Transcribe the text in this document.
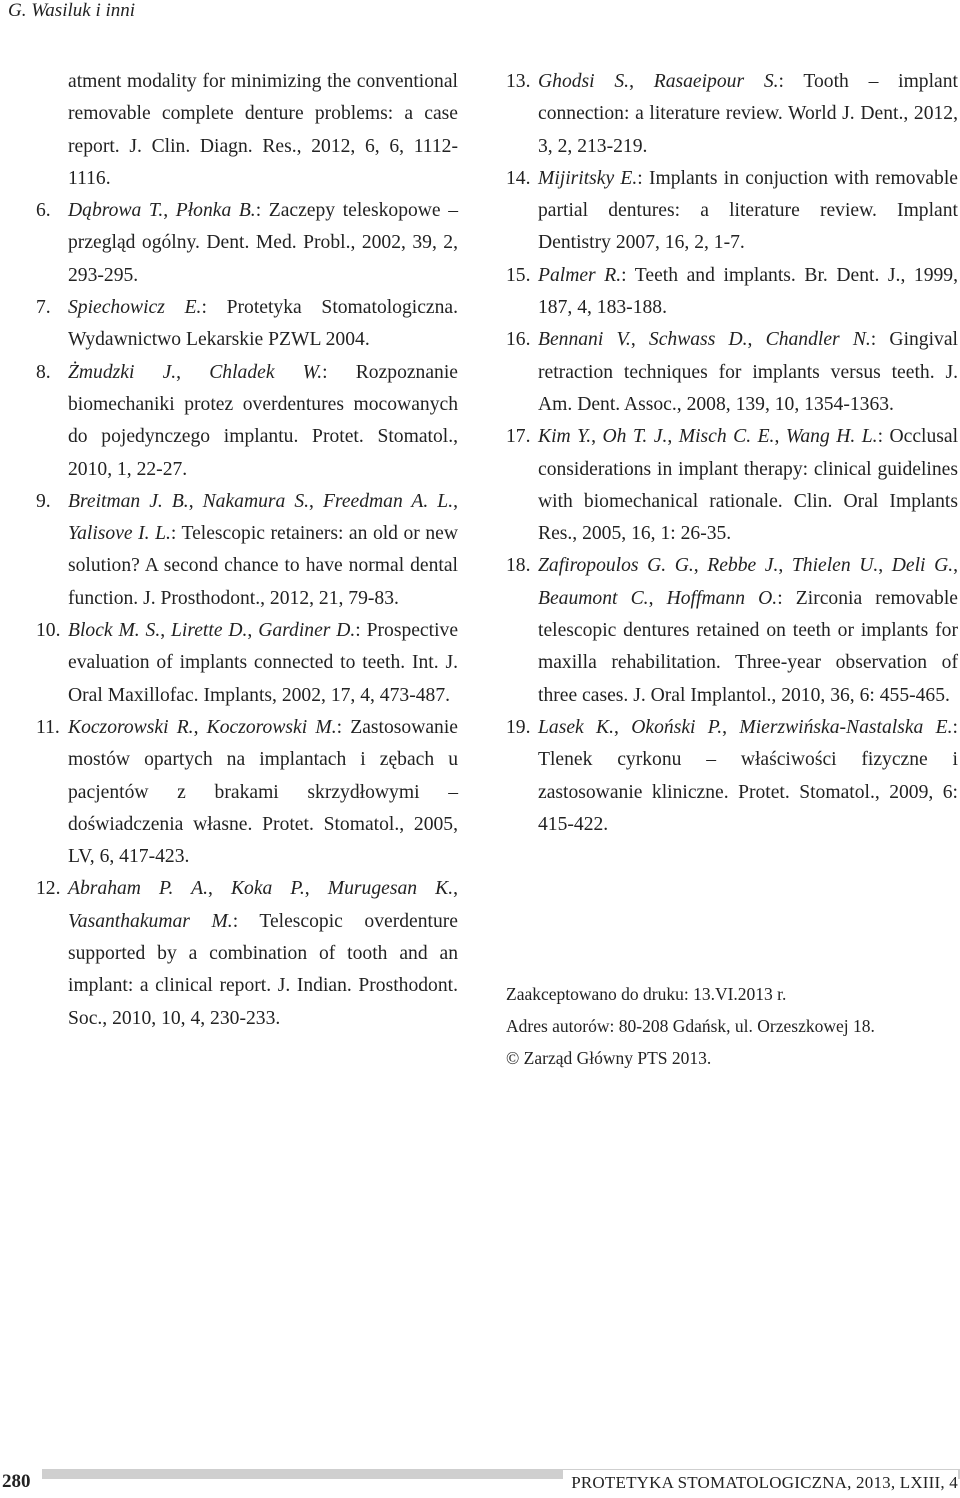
G. Wasiluk i inni
atment modality for minimizing the conventional removable complete denture problems: a case report. J. Clin. Diagn. Res., 2012, 6, 6, 1112-1116.
6. Dąbrowa T., Płonka B.: Zaczepy teleskopowe – przegląd ogólny. Dent. Med. Probl., 2002, 39, 2, 293-295.
7. Spiechowicz E.: Protetyka Stomatologiczna. Wydawnictwo Lekarskie PZWL 2004.
8. Żmudzki J., Chladek W.: Rozpoznanie biomechaniki protez overdentures mocowanych do pojedynczego implantu. Protet. Stomatol., 2010, 1, 22-27.
9. Breitman J. B., Nakamura S., Freedman A. L., Yalisove I. L.: Telescopic retainers: an old or new solution? A second chance to have normal dental function. J. Prosthodont., 2012, 21, 79-83.
10. Block M. S., Lirette D., Gardiner D.: Prospective evaluation of implants connected to teeth. Int. J. Oral Maxillofac. Implants, 2002, 17, 4, 473-487.
11. Koczorowski R., Koczorowski M.: Zastosowanie mostów opartych na implantach i zębach u pacjentów z brakami skrzydłowymi – doświadczenia własne. Protet. Stomatol., 2005, LV, 6, 417-423.
12. Abraham P. A., Koka P., Murugesan K., Vasanthakumar M.: Telescopic overdenture supported by a combination of tooth and an implant: a clinical report. J. Indian. Prosthodont. Soc., 2010, 10, 4, 230-233.
13. Ghodsi S., Rasaeipour S.: Tooth – implant connection: a literature review. World J. Dent., 2012, 3, 2, 213-219.
14. Mijiritsky E.: Implants in conjuction with removable partial dentures: a literature review. Implant Dentistry 2007, 16, 2, 1-7.
15. Palmer R.: Teeth and implants. Br. Dent. J., 1999, 187, 4, 183-188.
16. Bennani V., Schwass D., Chandler N.: Gingival retraction techniques for implants versus teeth. J. Am. Dent. Assoc., 2008, 139, 10, 1354-1363.
17. Kim Y., Oh T. J., Misch C. E., Wang H. L.: Occlusal considerations in implant therapy: clinical guidelines with biomechanical rationale. Clin. Oral Implants Res., 2005, 16, 1: 26-35.
18. Zafiropoulos G. G., Rebbe J., Thielen U., Deli G., Beaumont C., Hoffmann O.: Zirconia removable telescopic dentures retained on teeth or implants for maxilla rehabilitation. Three-year observation of three cases. J. Oral Implantol., 2010, 36, 6: 455-465.
19. Lasek K., Okoński P., Mierzwińska-Nastalska E.: Tlenek cyrkonu – właściwości fizyczne i zastosowanie kliniczne. Protet. Stomatol., 2009, 6: 415-422.
Zaakceptowano do druku: 13.VI.2013 r.
Adres autorów: 80-208 Gdańsk, ul. Orzeszkowej 18.
© Zarząd Główny PTS 2013.
280	PROTETYKA STOMATOLOGICZNA, 2013, LXIII, 4
